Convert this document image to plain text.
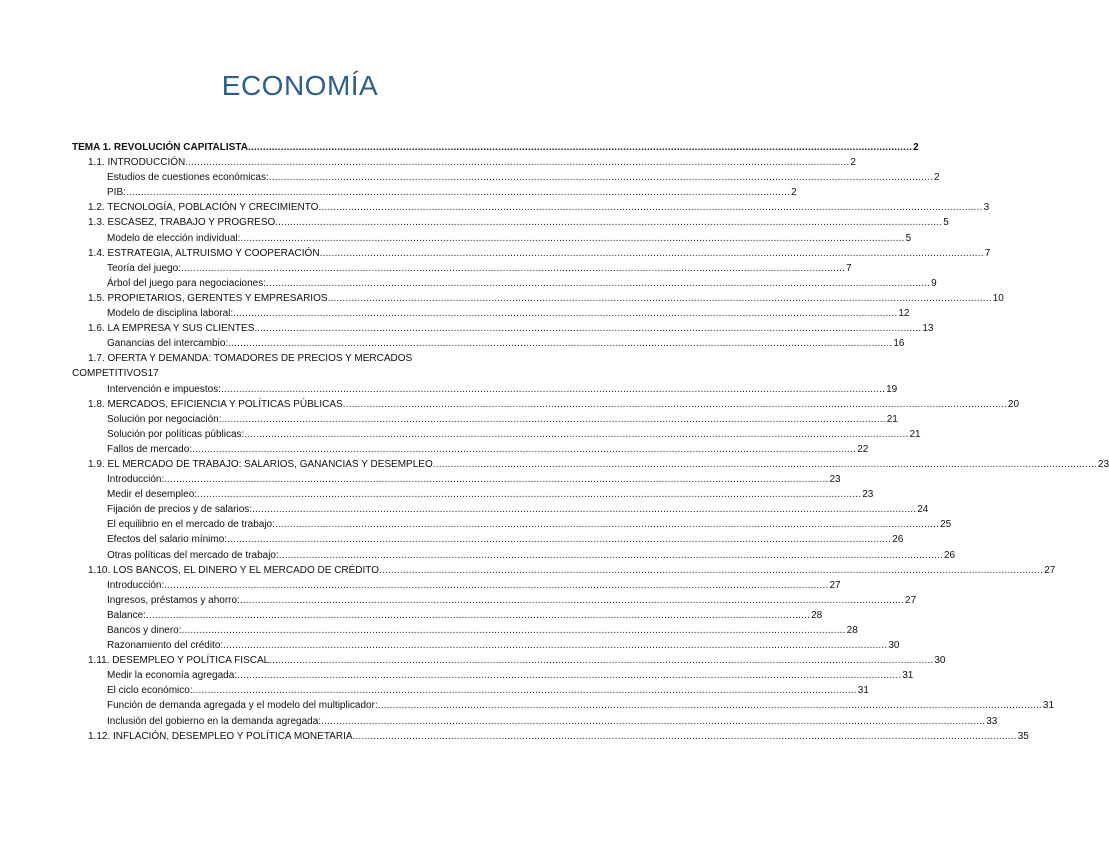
ECONOMÍA
TEMA 1. REVOLUCIÓN CAPITALISTA .....	2
1.1. INTRODUCCIÓN .....	2
Estudios de cuestiones económicas: .....	2
PIB: .....	2
1.2. TECNOLOGÍA, POBLACIÓN Y CRECIMIENTO .....	3
1.3. ESCASEZ, TRABAJO Y PROGRESO. .....	5
Modelo de elección individual: .....	5
1.4. ESTRATEGIA, ALTRUISMO Y COOPERACIÓN .....	7
Teoría del juego: .....	7
Árbol del juego para negociaciones: .....	9
1.5. PROPIETARIOS, GERENTES Y EMPRESARIOS .....	10
Modelo de disciplina laboral: .....	12
1.6. LA EMPRESA Y SUS CLIENTES. .....	13
Ganancias del intercambio: .....	16
1.7. OFERTA Y DEMANDA: TOMADORES DE PRECIOS Y MERCADOS
COMPETITIVOS 17
Intervención e impuestos: .....	19
1.8. MERCADOS, EFICIENCIA Y POLÍTICAS PÚBLICAS .....	20
Solución por negociación: .....	21
Solución por políticas públicas: .....	21
Fallos de mercado: .....	22
1.9. EL MERCADO DE TRABAJO: SALARIOS, GANANCIAS Y DESEMPLEO .....	23
Introducción: .....	23
Medir el desempleo: .....	23
Fijación de precios y de salarios: .....	24
El equilibrio en el mercado de trabajo: .....	25
Efectos del salario mínimo: .....	26
Otras políticas del mercado de trabajo: .....	26
1.10. LOS BANCOS, EL DINERO Y EL MERCADO DE CRÉDITO .....	27
Introducción: .....	27
Ingresos, préstamos y ahorro: .....	27
Balance: .....	28
Bancos y dinero: .....	28
Razonamiento del crédito: .....	30
1.11. DESEMPLEO Y POLÍTICA FISCAL .....	30
Medir la economía agregada: .....	31
El ciclo económico: .....	31
Función de demanda agregada y el modelo del multiplicador: .....	31
Inclusión del gobierno en la demanda agregada: .....	33
1.12. INFLACIÓN, DESEMPLEO Y POLÍTICA MONETARIA .....	35
